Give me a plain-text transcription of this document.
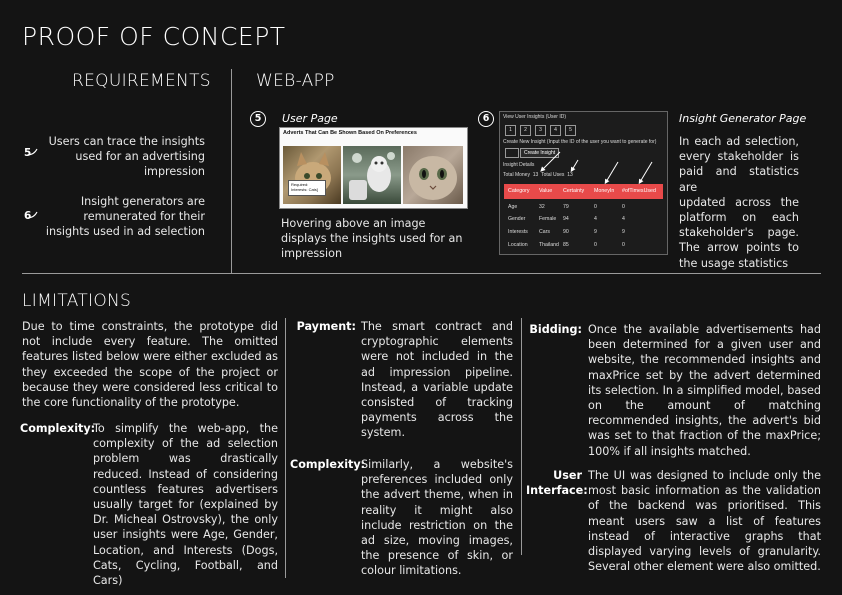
PROOF OF CONCEPT
REQUIREMENTS
5
Users can trace the insights
used for an advertising
impression
6
Insight generators are
remunerated for their
insights used in ad selection
WEB-APP
5	User Page
Adverts That Can Be Shown Based On Preferences
Required:
Interests: Cats]
Hovering above an image
displays the insights used for an
impression
6	View User Insights (User ID)
1	2	3	4	5
Create New Insight (Input the ID of the user you want to generate for)
Create Insight
Insight Details
Total Money 13 Total Uses 13
Category Value Certainty MoneyIn #ofTimesUsed
Age	32	79	0	0
Gender	Female 94	4	4
Interests Cars	90	9	9
Location Thailand 85	0	0
Insight Generator Page
In each ad selection,
every stakeholder is
paid and statistics are
updated across the
platform on each
stakeholder's page.
The arrow points to
the usage statistics
LIMITATIONS
Due to time constraints, the prototype did not include every feature. The omitted features listed below were either excluded as they exceeded the scope of the project or because they were considered less critical to the core functionality of the prototype.
Complexity:
To simplify the web-app, the complexity of the ad selection problem was drastically reduced. Instead of considering countless features advertisers usually target for (explained by Dr. Micheal Ostrovsky), the only user insights were Age, Gender, Location, and Interests (Dogs, Cats, Cycling, Football, and Cars)
Payment: The smart contract and cryptographic elements were not included in the ad impression pipeline. Instead, a variable update consisted of tracking payments across the system.
Complexity:
Similarly, a website's preferences included only the advert theme, when in reality it might also include restriction on the ad size, moving images, the presence of skin, or colour limitations.
Bidding: Once the available advertisements had been determined for a given user and website, the recommended insights and maxPrice set by the advert determined its selection. In a simplified model, based on the amount of matching recommended insights, the advert's bid was set to that fraction of the maxPrice; 100% if all insights matched.
User
Interface:
The UI was designed to include only the most basic information as the validation of the backend was prioritised. This meant users saw a list of features instead of interactive graphs that displayed varying levels of granularity. Several other element were also omitted.
